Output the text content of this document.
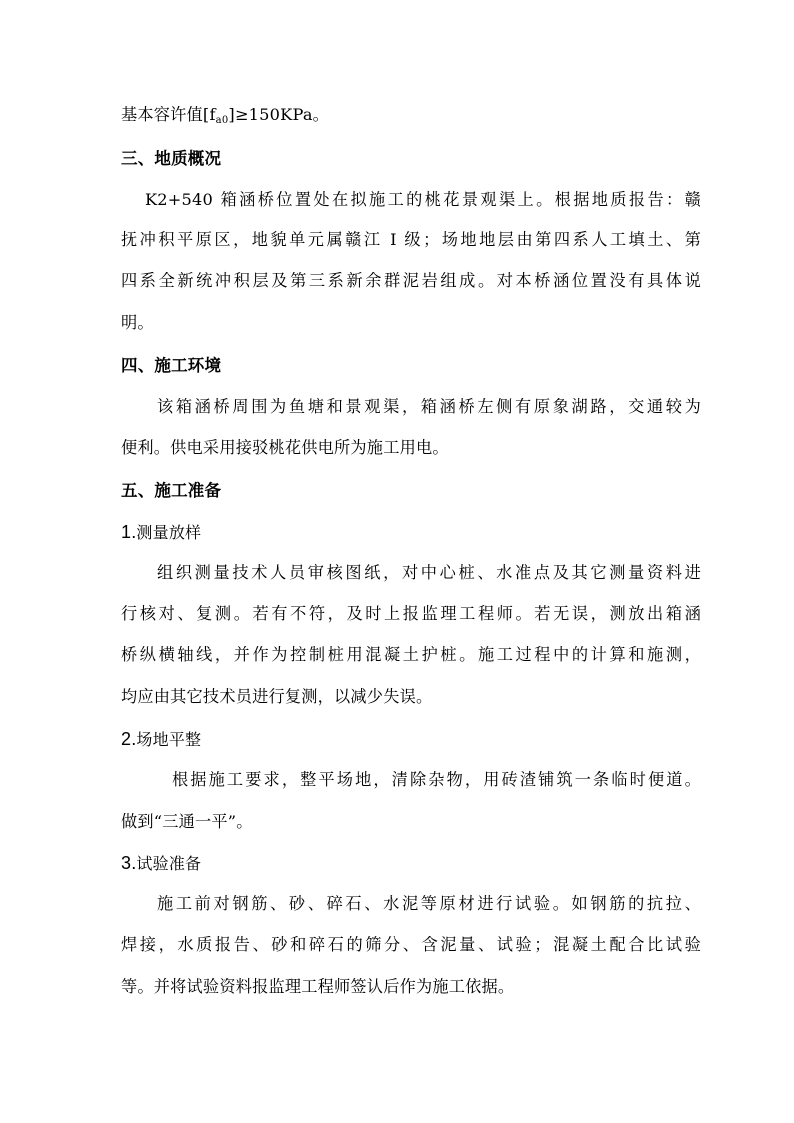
基本容许值$[f_{a0}]\ge 150KPa$。
三、地质概况
K2+540 箱涵桥位置处在拟施工的桃花景观渠上。根据地质报告：赣
抚冲积平原区，地貌单元属赣江 I 级；场地地层由第四系人工填土、第
四系全新统冲积层及第三系新余群泥岩组成。对本桥涵位置没有具体说
明。
四、施工环境
该箱涵桥周围为鱼塘和景观渠，箱涵桥左侧有原象湖路，交通较为
便利。供电采用接驳桃花供电所为施工用电。
五、施工准备
1.测量放样
组织测量技术人员审核图纸，对中心桩、水准点及其它测量资料进
行核对、复测。若有不符，及时上报监理工程师。若无误，测放出箱涵
桥纵横轴线，并作为控制桩用混凝土护桩。施工过程中的计算和施测，
均应由其它技术员进行复测，以减少失误。
2.场地平整
根据施工要求，整平场地，清除杂物，用砖渣铺筑一条临时便道。
做到“三通一平”。
3.试验准备
施工前对钢筋、砂、碎石、水泥等原材进行试验。如钢筋的抗拉、
焊接，水质报告、砂和碎石的筛分、含泥量、试验；混凝土配合比试验
等。并将试验资料报监理工程师签认后作为施工依据。
